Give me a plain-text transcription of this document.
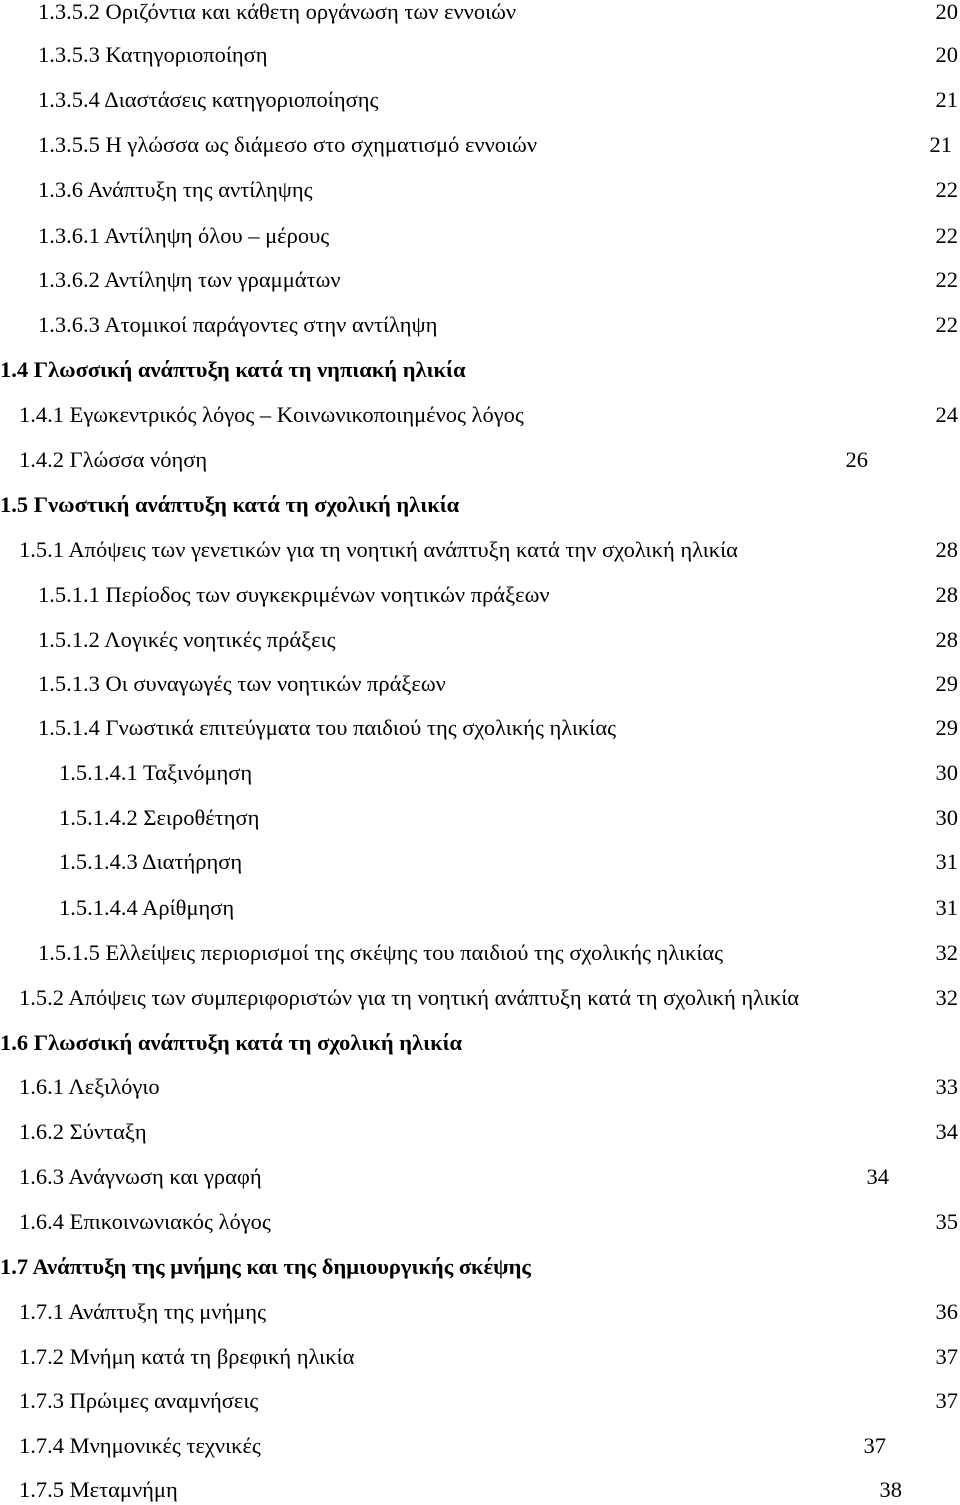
1.3.5.2 Οριζόντια και κάθετη οργάνωση των εννοιών	20
1.3.5.3 Κατηγοριοποίηση	20
1.3.5.4 Διαστάσεις κατηγοριοποίησης	21
1.3.5.5 Η γλώσσα ως διάμεσο στο σχηματισμό εννοιών	21
1.3.6 Ανάπτυξη της αντίληψης	22
1.3.6.1 Αντίληψη όλου – μέρους	22
1.3.6.2 Αντίληψη των γραμμάτων	22
1.3.6.3 Ατομικοί παράγοντες στην αντίληψη	22
1.4 Γλωσσική ανάπτυξη κατά τη νηπιακή ηλικία
1.4.1 Εγωκεντρικός λόγος – Κοινωνικοποιημένος λόγος	24
1.4.2 Γλώσσα νόηση	26
1.5 Γνωστική ανάπτυξη κατά τη σχολική ηλικία
1.5.1 Απόψεις των γενετικών για τη νοητική ανάπτυξη κατά την σχολική ηλικία	28
1.5.1.1 Περίοδος των συγκεκριμένων νοητικών πράξεων	28
1.5.1.2 Λογικές νοητικές πράξεις	28
1.5.1.3 Οι συναγωγές των νοητικών πράξεων	29
1.5.1.4 Γνωστικά επιτεύγματα του παιδιού της σχολικής ηλικίας	29
1.5.1.4.1 Ταξινόμηση	30
1.5.1.4.2 Σειροθέτηση	30
1.5.1.4.3 Διατήρηση	31
1.5.1.4.4 Αρίθμηση	31
1.5.1.5 Ελλείψεις περιορισμοί της σκέψης του παιδιού της σχολικής ηλικίας	32
1.5.2 Απόψεις των συμπεριφοριστών για τη νοητική ανάπτυξη κατά τη σχολική ηλικία	32
1.6 Γλωσσική ανάπτυξη κατά τη σχολική ηλικία
1.6.1 Λεξιλόγιο	33
1.6.2 Σύνταξη	34
1.6.3 Ανάγνωση και γραφή	34
1.6.4 Επικοινωνιακός λόγος	35
1.7 Ανάπτυξη της μνήμης και της δημιουργικής σκέψης
1.7.1 Ανάπτυξη της μνήμης	36
1.7.2 Μνήμη κατά τη βρεφική ηλικία	37
1.7.3 Πρώιμες αναμνήσεις	37
1.7.4 Μνημονικές τεχνικές	37
1.7.5 Μεταμνήμη	38
